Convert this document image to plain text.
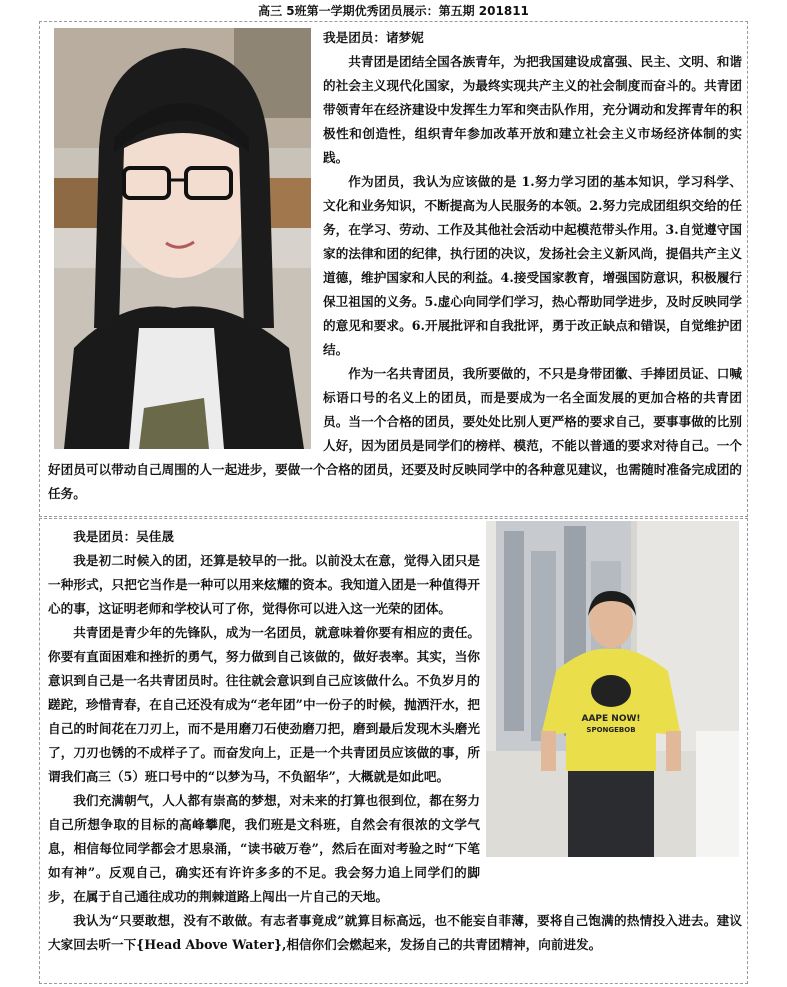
高三 5班第一学期优秀团员展示：第五期 201811

我是团员：诸梦妮

共青团是团结全国各族青年，为把我国建设成富强、民主、文明、和谐的社会主义现代化国家，为最终实现共产主义的社会制度而奋斗的。共青团带领青年在经济建设中发挥生力军和突击队作用，充分调动和发挥青年的积极性和创造性，组织青年参加改革开放和建立社会主义市场经济体制的实践。

作为团员，我认为应该做的是 1.努力学习团的基本知识，学习科学、文化和业务知识，不断提高为人民服务的本领。2.努力完成团组织交给的任务，在学习、劳动、工作及其他社会活动中起模范带头作用。3.自觉遵守国家的法律和团的纪律，执行团的决议，发扬社会主义新风尚，提倡共产主义道德，维护国家和人民的利益。4.接受国家教育，增强国防意识，积极履行保卫祖国的义务。5.虚心向同学们学习，热心帮助同学进步，及时反映同学的意见和要求。6.开展批评和自我批评，勇于改正缺点和错误，自觉维护团结。

作为一名共青团员，我所要做的，不只是身带团徽、手捧团员证、口喊标语口号的名义上的团员，而是要成为一名全面发展的更加合格的共青团员。当一个合格的团员，要处处比别人更严格的要求自己，要事事做的比别人好，因为团员是同学们的榜样、模范，不能以普通的要求对待自己。一个好团员可以带动自己周围的人一起进步，要做一个合格的团员，还要及时反映同学中的各种意见建议，也需随时准备完成团的任务。

AAPE NOW!
SPONGEBOB

我是团员：吴佳晟

我是初二时候入的团，还算是较早的一批。以前没太在意，觉得入团只是一种形式，只把它当作是一种可以用来炫耀的资本。我知道入团是一种值得开心的事，这证明老师和学校认可了你，觉得你可以进入这一光荣的团体。

共青团是青少年的先锋队，成为一名团员，就意味着你要有相应的责任。你要有直面困难和挫折的勇气，努力做到自己该做的，做好表率。其实，当你意识到自己是一名共青团员时。往往就会意识到自己应该做什么。不负岁月的蹉跎，珍惜青春，在自己还没有成为“老年团”中一份子的时候，抛洒汗水，把自己的时间花在刀刃上，而不是用磨刀石使劲磨刀把，磨到最后发现木头磨光了，刀刃也锈的不成样子了。而奋发向上，正是一个共青团员应该做的事，所谓我们高三（5）班口号中的“以梦为马，不负韶华”，大概就是如此吧。

我们充满朝气，人人都有崇高的梦想，对未来的打算也很到位，都在努力自己所想争取的目标的高峰攀爬，我们班是文科班，自然会有很浓的文学气息，相信每位同学都会才思泉涌，“读书破万卷”，然后在面对考验之时“下笔如有神”。反观自己，确实还有许许多多的不足。我会努力追上同学们的脚步，在属于自己通往成功的荆棘道路上闯出一片自己的天地。

我认为“只要敢想，没有不敢做。有志者事竟成”就算目标高远，也不能妄自菲薄，要将自己饱满的热情投入进去。建议大家回去听一下{Head Above Water},相信你们会燃起来，发扬自己的共青团精神，向前进发。
